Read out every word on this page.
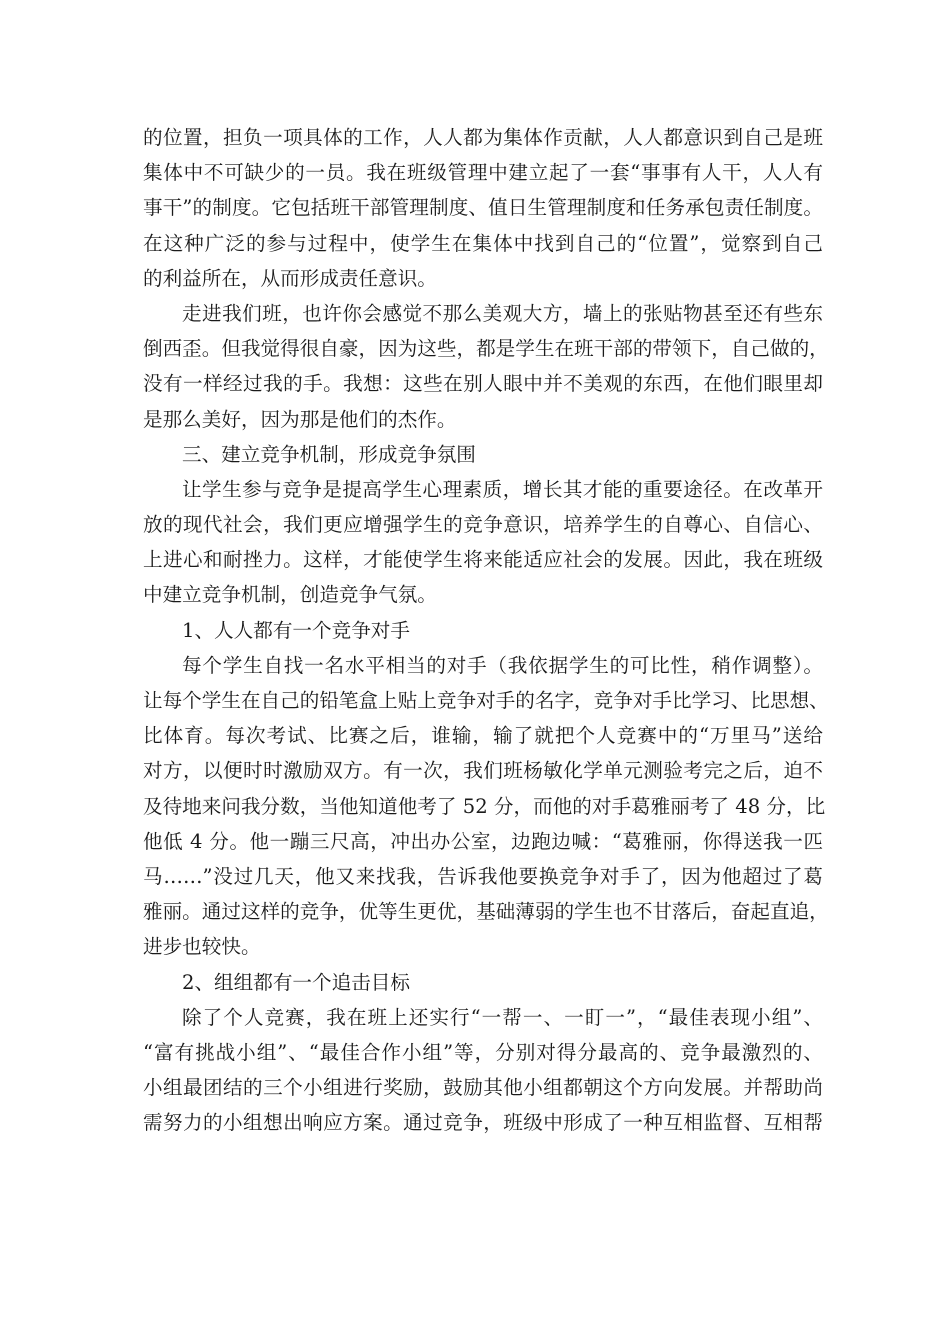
的位置，担负一项具体的工作，人人都为集体作贡献，人人都意识到自己是班
集体中不可缺少的一员。我在班级管理中建立起了一套“事事有人干，人人有
事干”的制度。它包括班干部管理制度、值日生管理制度和任务承包责任制度。
在这种广泛的参与过程中，使学生在集体中找到自己的“位置”，觉察到自己
的利益所在，从而形成责任意识。
走进我们班，也许你会感觉不那么美观大方，墙上的张贴物甚至还有些东
倒西歪。但我觉得很自豪，因为这些，都是学生在班干部的带领下，自己做的，
没有一样经过我的手。我想：这些在别人眼中并不美观的东西，在他们眼里却
是那么美好，因为那是他们的杰作。
三、建立竞争机制，形成竞争氛围
让学生参与竞争是提高学生心理素质，增长其才能的重要途径。在改革开
放的现代社会，我们更应增强学生的竞争意识，培养学生的自尊心、自信心、
上进心和耐挫力。这样，才能使学生将来能适应社会的发展。因此，我在班级
中建立竞争机制，创造竞争气氛。
1、人人都有一个竞争对手
每个学生自找一名水平相当的对手（我依据学生的可比性，稍作调整）。
让每个学生在自己的铅笔盒上贴上竞争对手的名字，竞争对手比学习、比思想、
比体育。每次考试、比赛之后，谁输，输了就把个人竞赛中的“万里马”送给
对方，以便时时激励双方。有一次，我们班杨敏化学单元测验考完之后，迫不
及待地来问我分数，当他知道他考了 52 分，而他的对手葛雅丽考了 48 分，比
他低 4 分。他一蹦三尺高，冲出办公室，边跑边喊：“葛雅丽，你得送我一匹
马……”没过几天，他又来找我，告诉我他要换竞争对手了，因为他超过了葛
雅丽。通过这样的竞争，优等生更优，基础薄弱的学生也不甘落后，奋起直追，
进步也较快。
2、组组都有一个追击目标
除了个人竞赛，我在班上还实行“一帮一、一盯一”，“最佳表现小组”、
“富有挑战小组”、“最佳合作小组”等，分别对得分最高的、竞争最激烈的、
小组最团结的三个小组进行奖励，鼓励其他小组都朝这个方向发展。并帮助尚
需努力的小组想出响应方案。通过竞争，班级中形成了一种互相监督、互相帮
